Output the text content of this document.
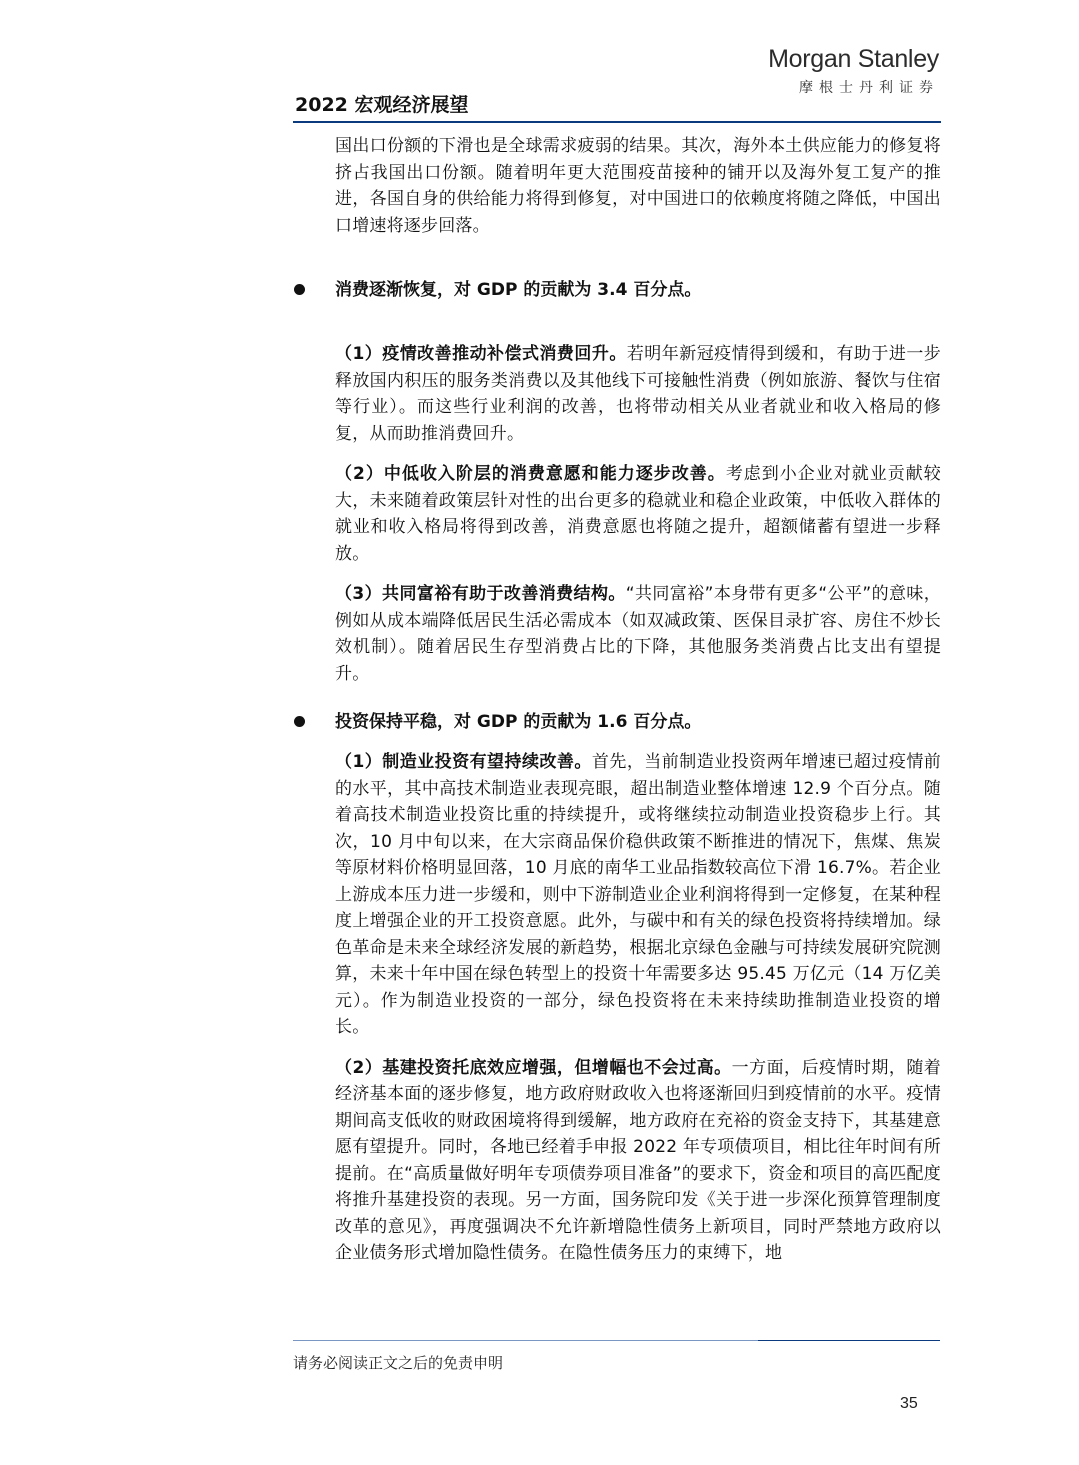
Morgan Stanley
摩根士丹利证券
2022 宏观经济展望

国出口份额的下滑也是全球需求疲弱的结果。其次，海外本土供应能力的修复将挤占我国出口份额。随着明年更大范围疫苗接种的铺开以及海外复工复产的推进，各国自身的供给能力将得到修复，对中国进口的依赖度将随之降低，中国出口增速将逐步回落。

消费逐渐恢复，对 GDP 的贡献为 3.4 百分点。

（1）疫情改善推动补偿式消费回升。若明年新冠疫情得到缓和，有助于进一步释放国内积压的服务类消费以及其他线下可接触性消费（例如旅游、餐饮与住宿等行业）。而这些行业利润的改善，也将带动相关从业者就业和收入格局的修复，从而助推消费回升。

（2）中低收入阶层的消费意愿和能力逐步改善。考虑到小企业对就业贡献较大，未来随着政策层针对性的出台更多的稳就业和稳企业政策，中低收入群体的就业和收入格局将得到改善，消费意愿也将随之提升，超额储蓄有望进一步释放。

（3）共同富裕有助于改善消费结构。“共同富裕”本身带有更多“公平”的意味，例如从成本端降低居民生活必需成本（如双减政策、医保目录扩容、房住不炒长效机制）。随着居民生存型消费占比的下降，其他服务类消费占比支出有望提升。

投资保持平稳，对 GDP 的贡献为 1.6 百分点。

（1）制造业投资有望持续改善。首先，当前制造业投资两年增速已超过疫情前的水平，其中高技术制造业表现亮眼，超出制造业整体增速 12.9 个百分点。随着高技术制造业投资比重的持续提升，或将继续拉动制造业投资稳步上行。其次，10 月中旬以来，在大宗商品保价稳供政策不断推进的情况下，焦煤、焦炭等原材料价格明显回落，10 月底的南华工业品指数较高位下滑 16.7%。若企业上游成本压力进一步缓和，则中下游制造业企业利润将得到一定修复，在某种程度上增强企业的开工投资意愿。此外，与碳中和有关的绿色投资将持续增加。绿色革命是未来全球经济发展的新趋势，根据北京绿色金融与可持续发展研究院测算，未来十年中国在绿色转型上的投资十年需要多达 95.45 万亿元（14 万亿美元）。作为制造业投资的一部分，绿色投资将在未来持续助推制造业投资的增长。

（2）基建投资托底效应增强，但增幅也不会过高。一方面，后疫情时期，随着经济基本面的逐步修复，地方政府财政收入也将逐渐回归到疫情前的水平。疫情期间高支低收的财政困境将得到缓解，地方政府在充裕的资金支持下，其基建意愿有望提升。同时，各地已经着手申报 2022 年专项债项目，相比往年时间有所提前。在“高质量做好明年专项债券项目准备”的要求下，资金和项目的高匹配度将推升基建投资的表现。另一方面，国务院印发《关于进一步深化预算管理制度改革的意见》，再度强调决不允许新增隐性债务上新项目，同时严禁地方政府以企业债务形式增加隐性债务。在隐性债务压力的束缚下，地

请务必阅读正文之后的免责申明
35
